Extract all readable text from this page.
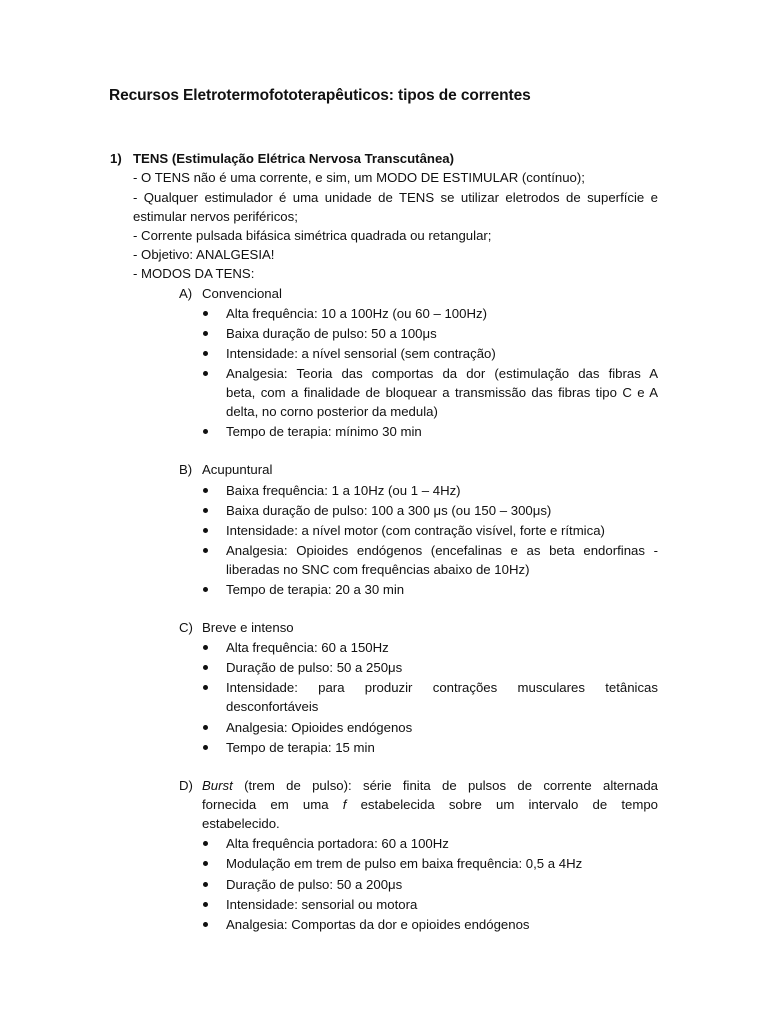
Recursos Eletrotermofototerapêuticos: tipos de correntes
1) TENS (Estimulação Elétrica Nervosa Transcutânea)
- O TENS não é uma corrente, e sim, um MODO DE ESTIMULAR (contínuo);
- Qualquer estimulador é uma unidade de TENS se utilizar eletrodos de superfície e
estimular nervos periféricos;
- Corrente pulsada bifásica simétrica quadrada ou retangular;
- Objetivo: ANALGESIA!
- MODOS DA TENS:
A) Convencional
Alta frequência: 10 a 100Hz (ou 60 – 100Hz)
Baixa duração de pulso: 50 a 100μs
Intensidade: a nível sensorial (sem contração)
Analgesia: Teoria das comportas da dor (estimulação das fibras A
beta, com a finalidade de bloquear a transmissão das fibras tipo C e A
delta, no corno posterior da medula)
Tempo de terapia: mínimo 30 min
B) Acupuntural
Baixa frequência: 1 a 10Hz (ou 1 – 4Hz)
Baixa duração de pulso: 100 a 300 μs (ou 150 – 300μs)
Intensidade: a nível motor (com contração visível, forte e rítmica)
Analgesia: Opioides endógenos (encefalinas e as beta endorfinas -
liberadas no SNC com frequências abaixo de 10Hz)
Tempo de terapia: 20 a 30 min
C) Breve e intenso
Alta frequência: 60 a 150Hz
Duração de pulso: 50 a 250μs
Intensidade: para produzir contrações musculares tetânicas
desconfortáveis
Analgesia: Opioides endógenos
Tempo de terapia: 15 min
D) Burst (trem de pulso): série finita de pulsos de corrente alternada
fornecida em uma f estabelecida sobre um intervalo de tempo
estabelecido.
Alta frequência portadora: 60 a 100Hz
Modulação em trem de pulso em baixa frequência: 0,5 a 4Hz
Duração de pulso: 50 a 200μs
Intensidade: sensorial ou motora
Analgesia: Comportas da dor e opioides endógenos
